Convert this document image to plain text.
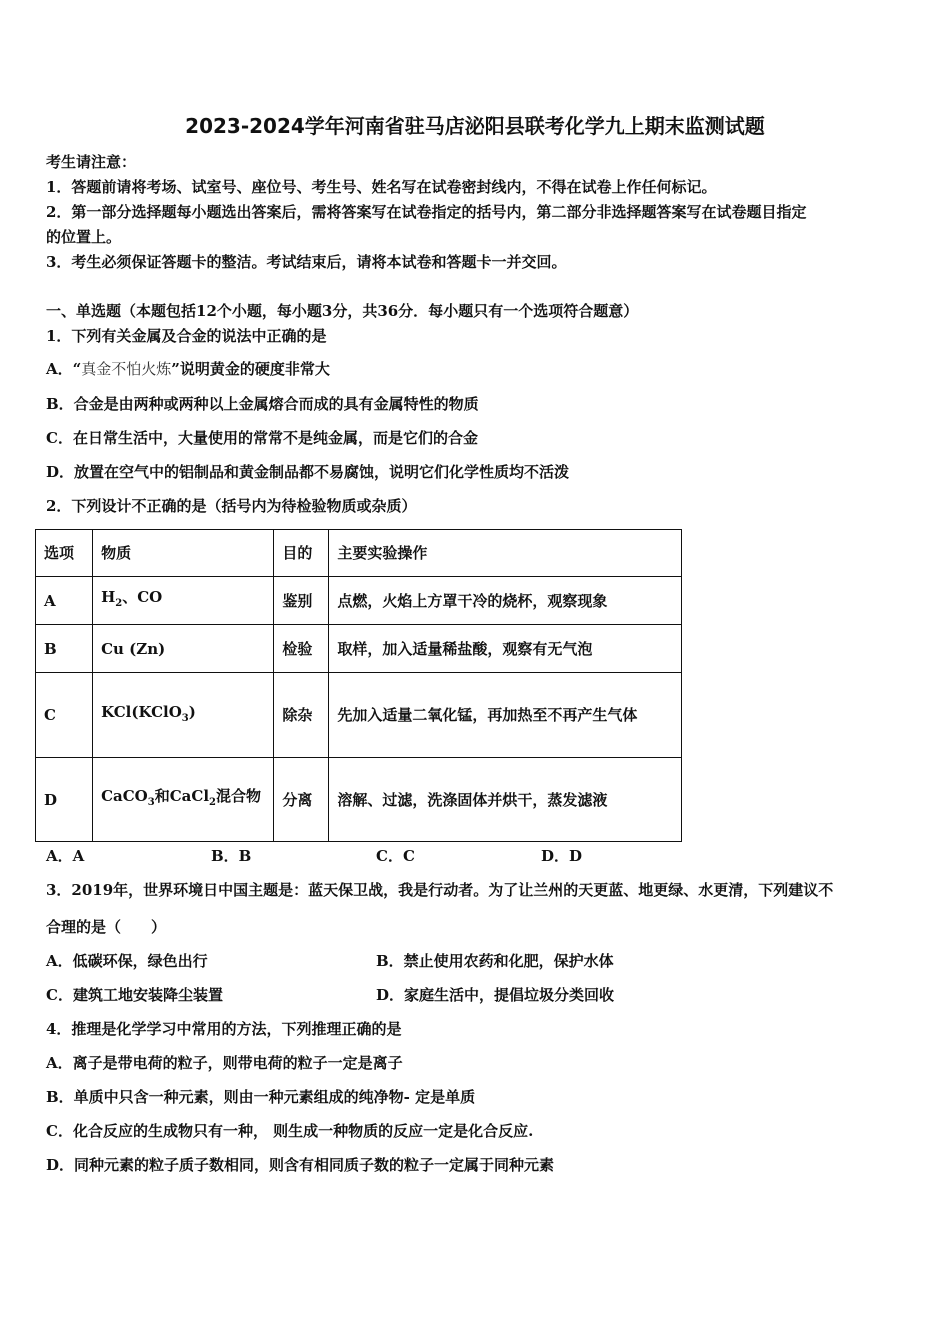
2023-2024学年河南省驻马店泌阳县联考化学九上期末监测试题
考生请注意：
1．答题前请将考场、试室号、座位号、考生号、姓名写在试卷密封线内，不得在试卷上作任何标记。
2．第一部分选择题每小题选出答案后，需将答案写在试卷指定的括号内，第二部分非选择题答案写在试卷题目指定
的位置上。
3．考生必须保证答题卡的整洁。考试结束后，请将本试卷和答题卡一并交回。
一、单选题（本题包括12个小题，每小题3分，共36分．每小题只有一个选项符合题意）
1．下列有关金属及合金的说法中正确的是
A．“真金不怕火炼”说明黄金的硬度非常大
B．合金是由两种或两种以上金属熔合而成的具有金属特性的物质
C．在日常生活中，大量使用的常常不是纯金属，而是它们的合金
D．放置在空气中的铝制品和黄金制品都不易腐蚀，说明它们化学性质均不活泼
2．下列设计不正确的是（括号内为待检验物质或杂质）
选项	物质	目的	主要实验操作
A	$H_2$、CO	鉴别	点燃，火焰上方罩干冷的烧杯，观察现象
B	Cu (Zn)	检验	取样，加入适量稀盐酸，观察有无气泡
C	KCl(KClO$_3$)	除杂	先加入适量二氧化锰，再加热至不再产生气体
D	CaCO$_3$和CaCl$_2$混合物	分离	溶解、过滤，洗涤固体并烘干，蒸发滤液
A．A	B．B	C．C	D．D
3．2019年，世界环境日中国主题是：蓝天保卫战，我是行动者。为了让兰州的天更蓝、地更绿、水更清，下列建议不
合理的是（　　）
A．低碳环保，绿色出行	B．禁止使用农药和化肥，保护水体
C．建筑工地安装降尘装置	D．家庭生活中，提倡垃圾分类回收
4．推理是化学学习中常用的方法，下列推理正确的是
A．离子是带电荷的粒子，则带电荷的粒子一定是离子
B．单质中只含一种元素，则由一种元素组成的纯净物- 定是单质
C．化合反应的生成物只有一种， 则生成一种物质的反应一定是化合反应.
D．同种元素的粒子质子数相同，则含有相同质子数的粒子一定属于同种元素
